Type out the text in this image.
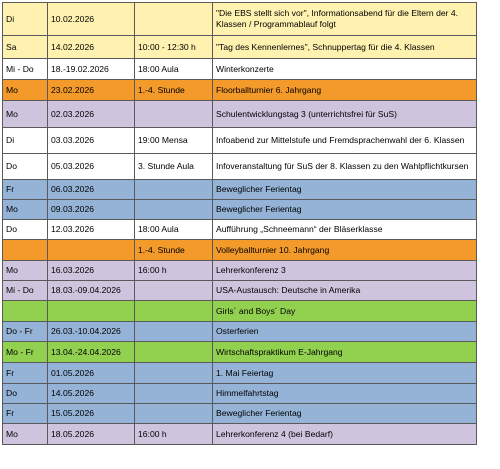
Di	10.02.2026		"Die EBS stellt sich vor", Informationsabend für die Eltern der 4. Klassen / Programmablauf folgt
Sa	14.02.2026	10:00 - 12:30 h	"Tag des Kennenlernes", Schnuppertag für die 4. Klassen
Mi - Do	18.-19.02.2026	18:00 Aula	Winterkonzerte
Mo	23.02.2026	1.-4. Stunde	Floorballturnier 6. Jahrgang
Mo	02.03.2026		Schulentwicklungstag 3 (unterrichtsfrei für SuS)
Di	03.03.2026	19:00 Mensa	Infoabend zur Mittelstufe und Fremdsprachenwahl der 6. Klassen
Do	05.03.2026	3. Stunde Aula	Infoveranstaltung für SuS der 8. Klassen zu den Wahlpflichtkursen
Fr	06.03.2026		Beweglicher Ferientag
Mo	09.03.2026		Beweglicher Ferientag
Do	12.03.2026	18:00 Aula	Aufführung „Schneemann“ der Bläserklasse
		1.-4. Stunde	Volleyballturnier 10. Jahrgang
Mo	16.03.2026	16:00 h	Lehrerkonferenz 3
Mi - Do	18.03.-09.04.2026		USA-Austausch: Deutsche in Amerika
			Girls´ and Boys´ Day
Do - Fr	26.03.-10.04.2026		Osterferien
Mo - Fr	13.04.-24.04.2026		Wirtschaftspraktikum E-Jahrgang
Fr	01.05.2026		1. Mai Feiertag
Do	14.05.2026		Himmelfahrtstag
Fr	15.05.2026		Beweglicher Ferientag
Mo	18.05.2026	16:00 h	Lehrerkonferenz 4 (bei Bedarf)
